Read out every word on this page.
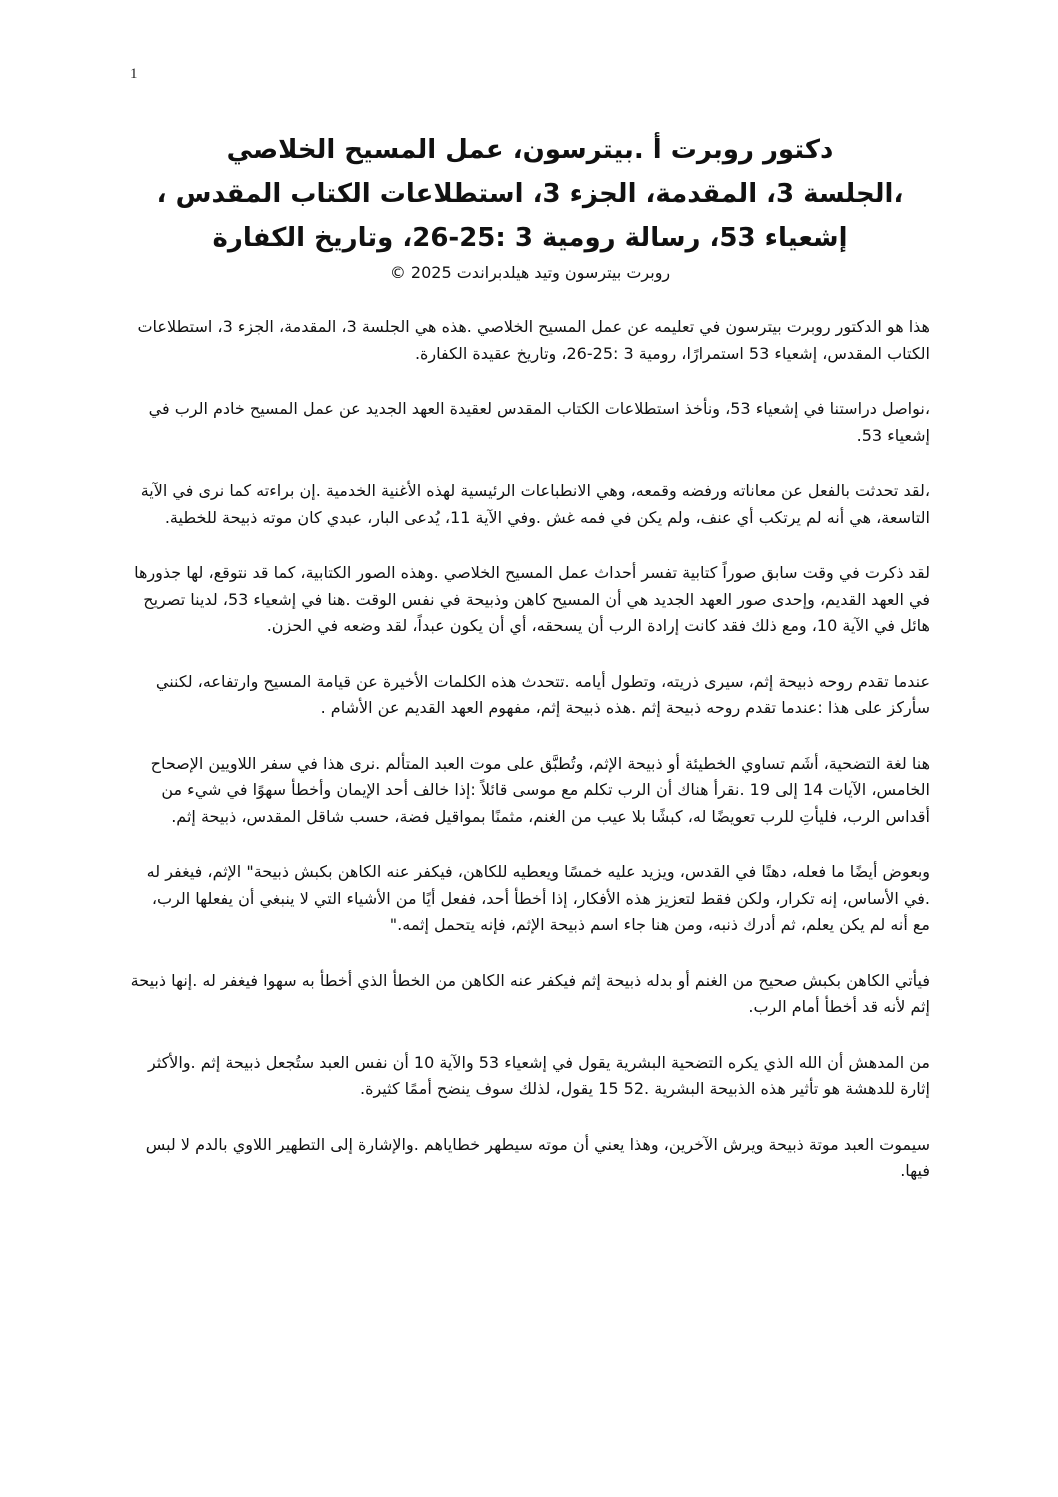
1
دكتور روبرت أ .بيترسون، عمل المسيح الخلاصي
،الجلسة 3، المقدمة، الجزء 3، استطلاعات الكتاب المقدس ،
إشعياء 53، رسالة رومية 3 :25-26، وتاريخ الكفارة
روبرت بيترسون وتيد هيلدبراندت 2025 ©

هذا هو الدكتور روبرت بيترسون في تعليمه عن عمل المسيح الخلاصي .هذه هي الجلسة 3، المقدمة، الجزء 3، استطلاعات الكتاب المقدس، إشعياء 53 استمرارًا، رومية 3 :25-26، وتاريخ عقيدة الكفارة.

،نواصل دراستنا في إشعياء 53، ونأخذ استطلاعات الكتاب المقدس لعقيدة العهد الجديد عن عمل المسيح خادم الرب في إشعياء 53.

،لقد تحدثت بالفعل عن معاناته ورفضه وقمعه، وهي الانطباعات الرئيسية لهذه الأغنية الخدمية .إن براءته كما نرى في الآية التاسعة، هي أنه لم يرتكب أي عنف، ولم يكن في فمه غش .وفي الآية 11، يُدعى البار، عبدي كان موته ذبيحة للخطية.

لقد ذكرت في وقت سابق صوراً كتابية تفسر أحداث عمل المسيح الخلاصي .وهذه الصور الكتابية، كما قد نتوقع، لها جذورها في العهد القديم، وإحدى صور العهد الجديد هي أن المسيح كاهن وذبيحة في نفس الوقت .هنا في إشعياء 53، لدينا تصريح هائل في الآية 10، ومع ذلك فقد كانت إرادة الرب أن يسحقه، أي أن يكون عبداً، لقد وضعه في الحزن.

عندما تقدم روحه ذبيحة إثم، سيرى ذريته، وتطول أيامه .تتحدث هذه الكلمات الأخيرة عن قيامة المسيح وارتفاعه، لكنني سأركز على هذا :عندما تقدم روحه ذبيحة إثم .هذه ذبيحة إثم، مفهوم العهد القديم عن الأشام .

هنا لغة التضحية، أشَم تساوي الخطيئة أو ذبيحة الإثم، وتُطبَّق على موت العبد المتألم .نرى هذا في سفر اللاويين الإصحاح الخامس، الآيات 14 إلى 19 .نقرأ هناك أن الرب تكلم مع موسى قائلاً :إذا خالف أحد الإيمان وأخطأ سهوًا في شيء من أقداس الرب، فليأتِ للرب تعويضًا له، كبشًا بلا عيب من الغنم، مثمنًا بمواقيل فضة، حسب شاقل المقدس، ذبيحة إثم.

وبعوض أيضًا ما فعله، دهنًا في القدس، ويزيد عليه خمسًا ويعطيه للكاهن، فيكفر عنه الكاهن بكبش ذبيحة" الإثم، فيغفر له .في الأساس، إنه تكرار، ولكن فقط لتعزيز هذه الأفكار، إذا أخطأ أحد، ففعل أيًا من الأشياء التي لا ينبغي أن يفعلها الرب، مع أنه لم يكن يعلم، ثم أدرك ذنبه، ومن هنا جاء اسم ذبيحة الإثم، فإنه يتحمل إثمه."

فيأتي الكاهن بكبش صحيح من الغنم أو بدله ذبيحة إثم فيكفر عنه الكاهن من الخطأ الذي أخطأ به سهوا فيغفر له .إنها ذبيحة إثم لأنه قد أخطأ أمام الرب.

من المدهش أن الله الذي يكره التضحية البشرية يقول في إشعياء 53 والآية 10 أن نفس العبد ستُجعل ذبيحة إثم .والأكثر إثارة للدهشة هو تأثير هذه الذبيحة البشرية .52 15 يقول، لذلك سوف ينضح أممًا كثيرة.

سيموت العبد موتة ذبيحة ويرش الآخرين، وهذا يعني أن موته سيطهر خطاياهم .والإشارة إلى التطهير اللاوي بالدم لا لبس فيها.
